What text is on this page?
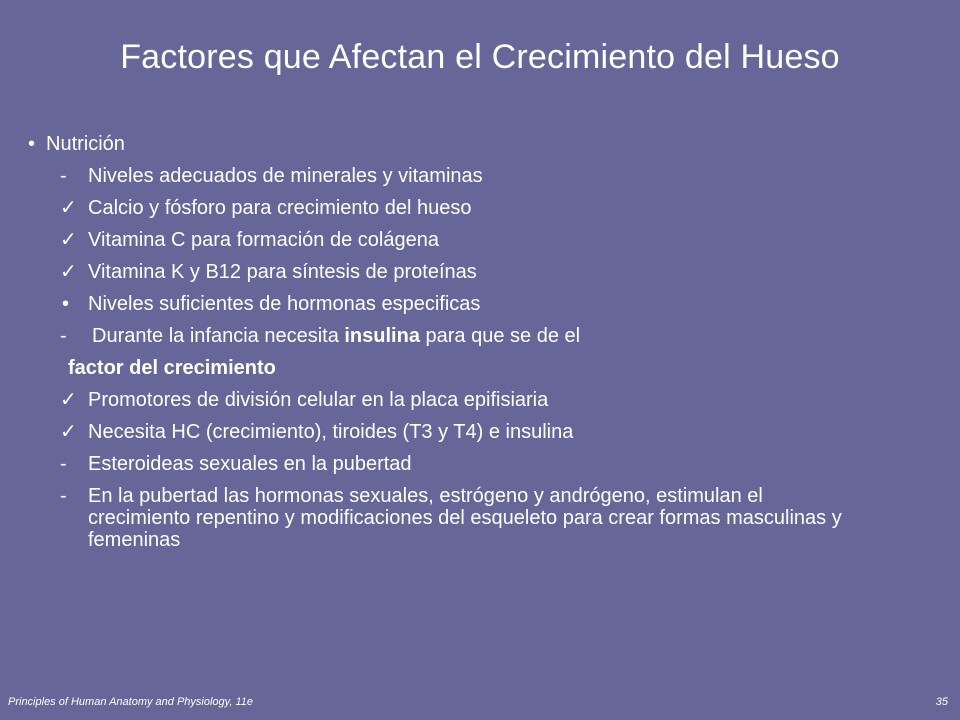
Factores que Afectan el Crecimiento del Hueso
• Nutrición
- Niveles adecuados de minerales y vitaminas
✓ Calcio y fósforo para crecimiento del hueso
✓ Vitamina C para formación de colágena
✓ Vitamina K y B12 para síntesis de proteínas
• Niveles suficientes de hormonas especificas
- Durante la infancia necesita insulina para que se de el
factor del crecimiento
✓ Promotores de división celular en la placa epifisiaria
✓ Necesita HC (crecimiento), tiroides (T3 y T4) e insulina
- Esteroideas sexuales en la pubertad
- En la pubertad las hormonas sexuales, estrógeno y andrógeno, estimulan el crecimiento repentino y modificaciones del esqueleto para crear formas masculinas y femeninas
Principles of Human Anatomy and Physiology, 11e	35
